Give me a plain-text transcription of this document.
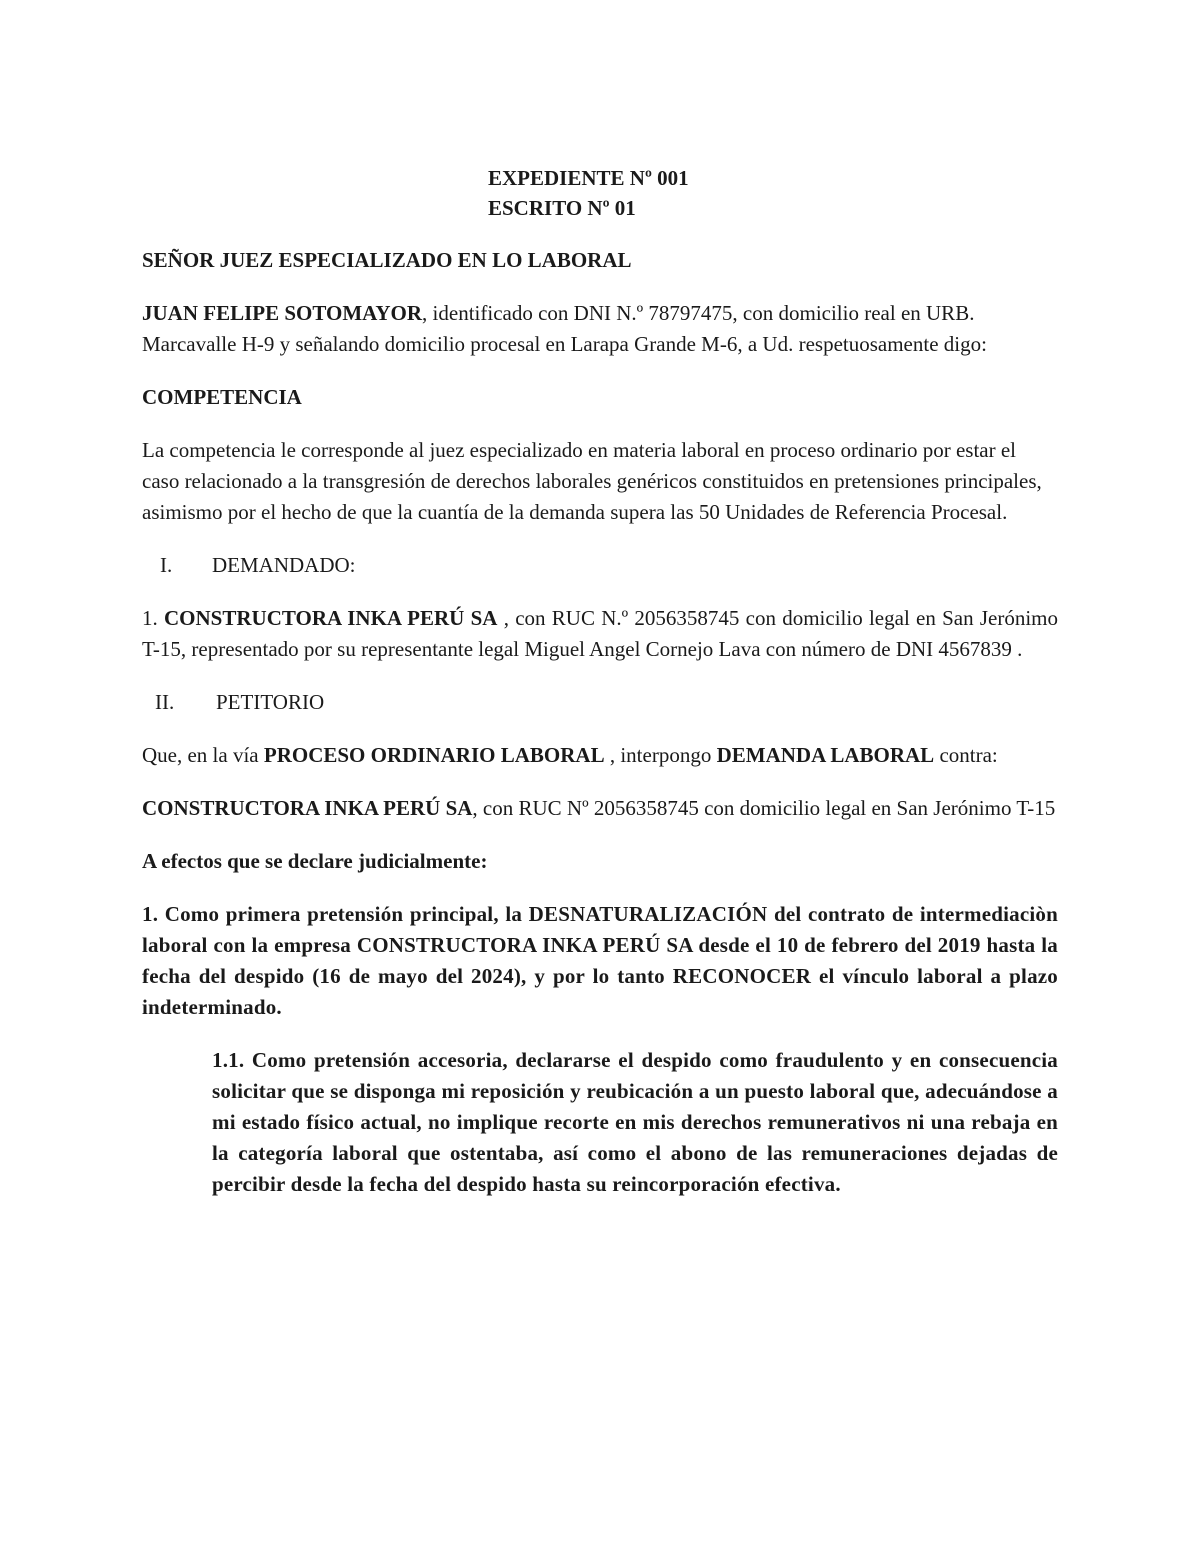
EXPEDIENTE Nº 001
ESCRITO Nº 01
SEÑOR JUEZ ESPECIALIZADO EN LO LABORAL
JUAN FELIPE SOTOMAYOR, identificado con DNI N.º 78797475, con domicilio real en URB. Marcavalle H-9 y señalando domicilio procesal en Larapa Grande M-6, a Ud. respetuosamente digo:
COMPETENCIA
La competencia le corresponde al juez especializado en materia laboral en proceso ordinario por estar el caso relacionado a la transgresión de derechos laborales genéricos constituidos en pretensiones principales, asimismo por el hecho de que la cuantía de la demanda supera las 50 Unidades de Referencia Procesal.
I.	DEMANDADO:
1. CONSTRUCTORA INKA PERÚ SA , con RUC N.º 2056358745 con domicilio legal en San Jerónimo T-15, representado por su representante legal Miguel Angel Cornejo Lava con número de DNI 4567839 .
II.	PETITORIO
Que, en la vía PROCESO ORDINARIO LABORAL , interpongo DEMANDA LABORAL contra:
CONSTRUCTORA INKA PERÚ SA, con RUC Nº 2056358745 con domicilio legal en San Jerónimo T-15
A efectos que se declare judicialmente:
1. Como primera pretensión principal, la DESNATURALIZACIÓN del contrato de intermediaciòn laboral con la empresa CONSTRUCTORA INKA PERÚ SA desde el 10 de febrero del 2019 hasta la fecha del despido (16 de mayo del 2024), y por lo tanto RECONOCER el vínculo laboral a plazo indeterminado.
1.1. Como pretensión accesoria, declararse el despido como fraudulento y en consecuencia solicitar que se disponga mi reposición y reubicación a un puesto laboral que, adecuándose a mi estado físico actual, no implique recorte en mis derechos remunerativos ni una rebaja en la categoría laboral que ostentaba, así como el abono de las remuneraciones dejadas de percibir desde la fecha del despido hasta su reincorporación efectiva.
